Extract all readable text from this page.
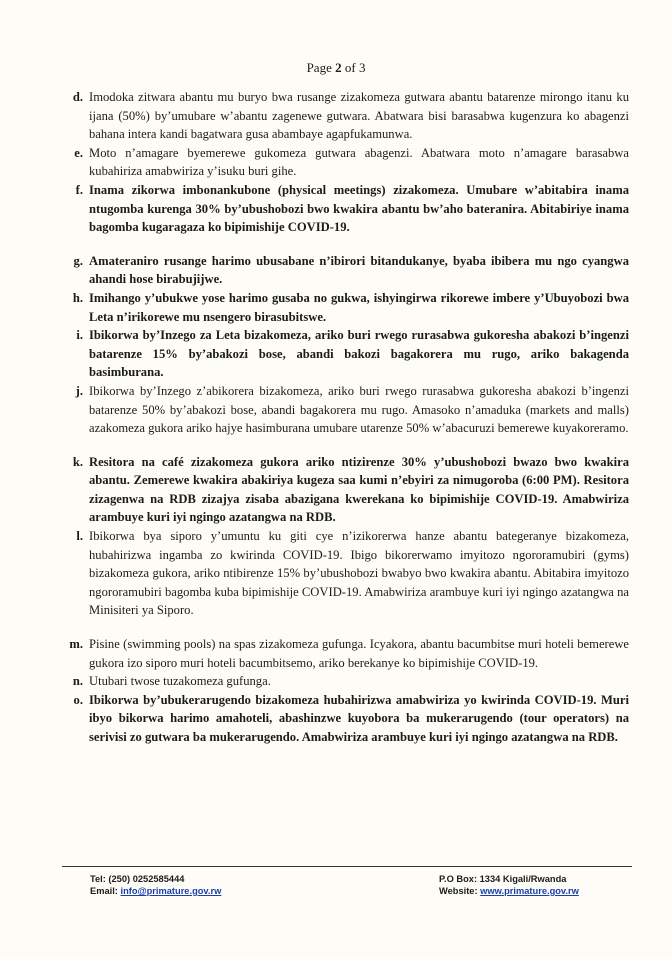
Page 2 of 3
d. Imodoka zitwara abantu mu buryo bwa rusange zizakomeza gutwara abantu batarenze mirongo itanu ku ijana (50%) by’umubare w’abantu zagenewe gutwara. Abatwara bisi barasabwa kugenzura ko abagenzi bahana intera kandi bagatwara gusa abambaye agapfukamunwa.
e. Moto n’amagare byemerewe gukomeza gutwara abagenzi. Abatwara moto n’amagare barasabwa kubahiriza amabwiriza y’isuku buri gihe.
f. Inama zikorwa imbonankubone (physical meetings) zizakomeza. Umubare w’abitabira inama ntugomba kurenga 30% by’ubushobozi bwo kwakira abantu bw’aho bateranira. Abitabiriye inama bagomba kugaragaza ko bipimishije COVID-19.
g. Amateraniro rusange harimo ubusabane n’ibirori bitandukanye, byaba ibibera mu ngo cyangwa ahandi hose birabujijwe.
h. Imihango y’ubukwe yose harimo gusaba no gukwa, ishyingirwa rikorewe imbere y’Ubuyobozi bwa Leta n’irikorewe mu nsengero birasubitswe.
i. Ibikorwa by’Inzego za Leta bizakomeza, ariko buri rwego rurasabwa gukoresha abakozi b’ingenzi batarenze 15% by’abakozi bose, abandi bakozi bagakorera mu rugo, ariko bakagenda basimburana.
j. Ibikorwa by’Inzego z’abikorera bizakomeza, ariko buri rwego rurasabwa gukoresha abakozi b’ingenzi batarenze 50% by’abakozi bose, abandi bagakorera mu rugo. Amasoko n’amaduka (markets and malls) azakomeza gukora ariko hajye hasimburana umubare utarenze 50% w’abacuruzi bemerewe kuyakoreramo.
k. Resitora na café zizakomeza gukora ariko ntizirenze 30% y’ubushobozi bwazo bwo kwakira abantu. Zemerewe kwakira abakiriya kugeza saa kumi n’ebyiri za nimugoroba (6:00 PM). Resitora zizagenwa na RDB zizajya zisaba abazigana kwerekana ko bipimishije COVID-19. Amabwiriza arambuye kuri iyi ngingo azatangwa na RDB.
l. Ibikorwa bya siporo y’umuntu ku giti cye n’izikorerwa hanze abantu bategeranye bizakomeza, hubahirizwa ingamba zo kwirinda COVID-19. Ibigo bikorerwamo imyitozo ngororamubiri (gyms) bizakomeza gukora, ariko ntibirenze 15% by’ubushobozi bwabyo bwo kwakira abantu. Abitabira imyitozo ngororamubiri bagomba kuba bipimishije COVID-19. Amabwiriza arambuye kuri iyi ngingo azatangwa na Minisiteri ya Siporo.
m. Pisine (swimming pools) na spas zizakomeza gufunga. Icyakora, abantu bacumbitse muri hoteli bemerewe gukora izo siporo muri hoteli bacumbitsemo, ariko berekanye ko bipimishije COVID-19.
n. Utubari twose tuzakomeza gufunga.
o. Ibikorwa by’ubukerarugendo bizakomeza hubahirizwa amabwiriza yo kwirinda COVID-19. Muri ibyo bikorwa harimo amahoteli, abashinzwe kuyobora ba mukerarugendo (tour operators) na serivisi zo gutwara ba mukerarugendo. Amabwiriza arambuye kuri iyi ngingo azatangwa na RDB.
Tel: (250) 0252585444
Email: info@primature.gov.rw
P.O Box: 1334 Kigali/Rwanda
Website: www.primature.gov.rw
